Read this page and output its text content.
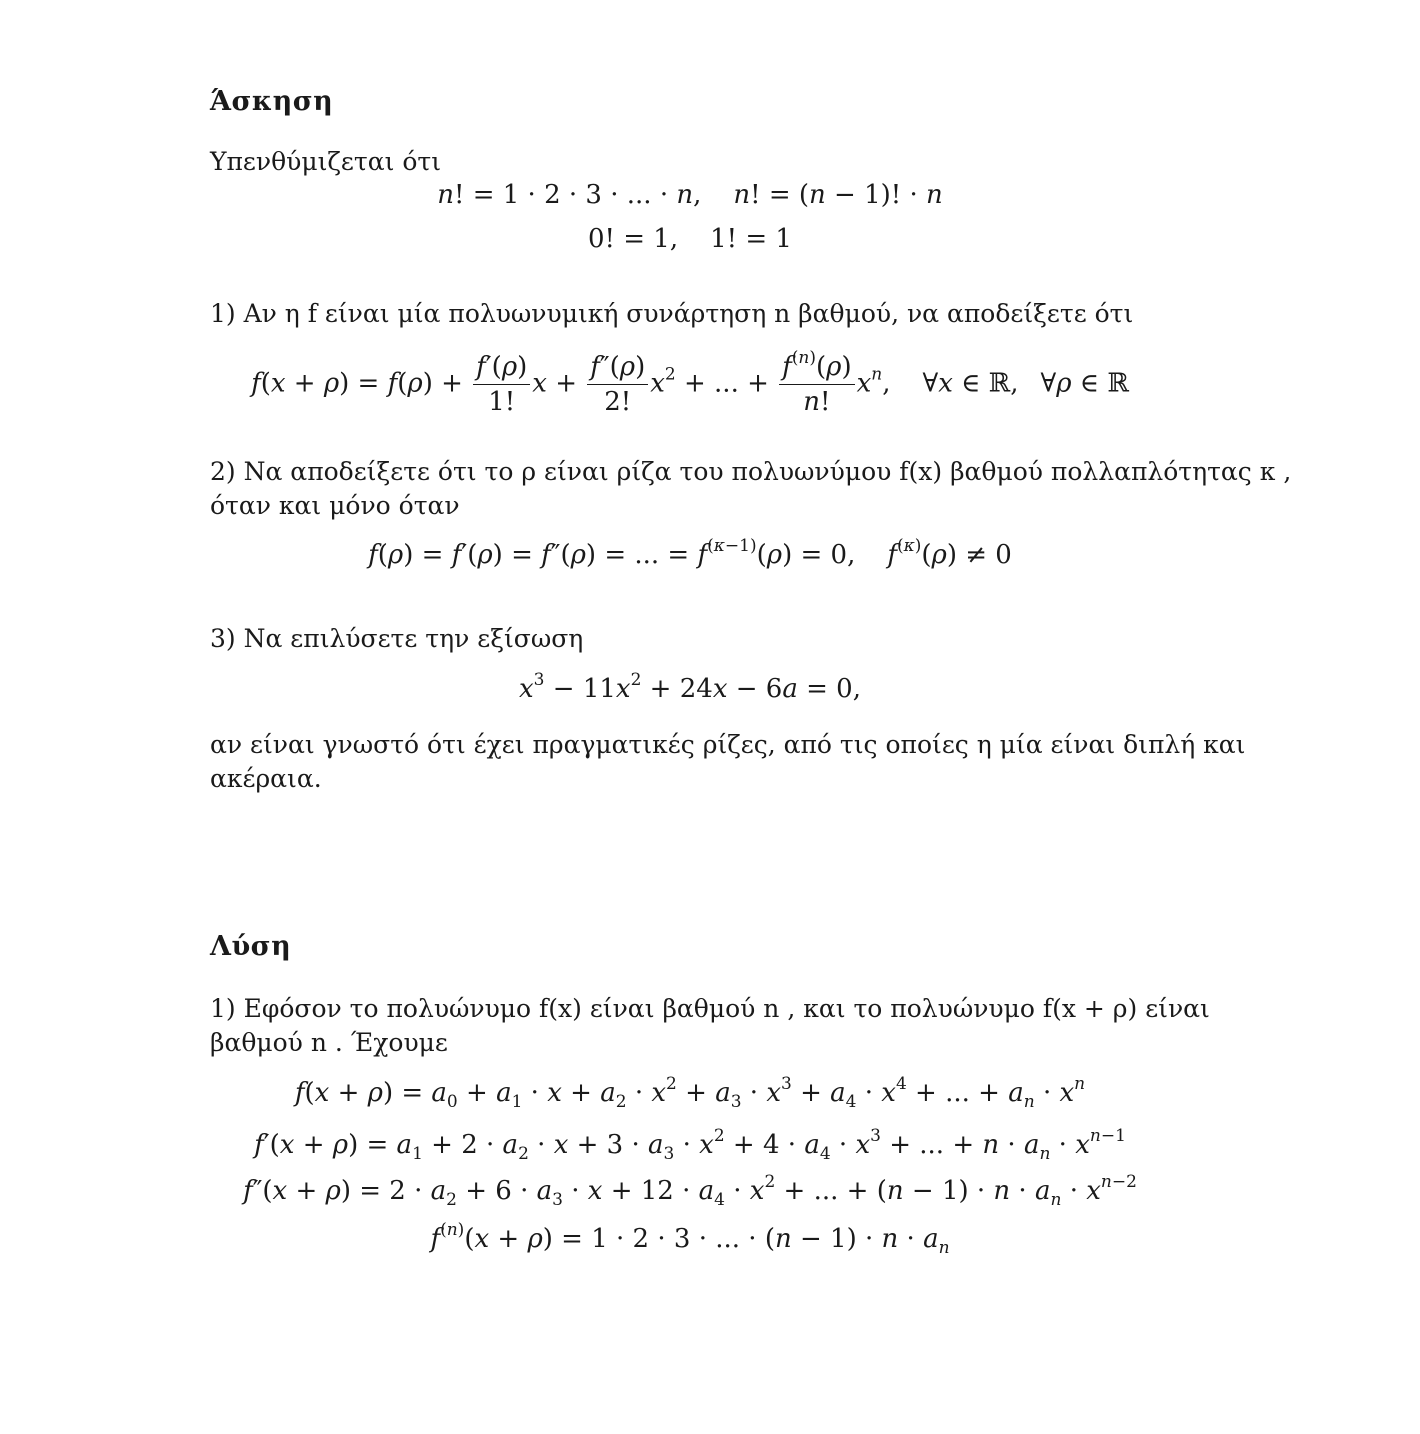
Άσκηση
Υπενθύμιζεται ότι
n! = 1 · 2 · 3 · ... · n, n! = (n − 1)! · n
0! = 1, 1! = 1
1) Αν η f είναι μία πολυωνυμική συνάρτηση n βαθμού, να αποδείξετε ότι
$f(x + \rho) = f(\rho) + \frac{f'(\rho)}{1!}$ $x + \frac{f''(\rho)}{2!} x^2$ + ... + $\frac{f^{(n)}(\rho)}{n!} x^n$, ∀x ∈ ℝ, ∀ρ ∈ ℝ
2) Να αποδείξετε ότι το ρ είναι ρίζα του πολυωνύμου f(x) βαθμού πολλαπλότητας κ ,
όταν και μόνο όταν
f(ρ) = f′(ρ) = f″(ρ) = ... = $f^{(\kappa-1)}(\rho) = 0$, $f^{(\kappa)}(\rho) \ne 0$
3) Να επιλύσετε την εξίσωση
$x^3 - 11x^2 + 24x - 6a = 0$,
αν είναι γνωστό ότι έχει πραγματικές ρίζες, από τις οποίες η μία είναι διπλή και
ακέραια.
Λύση
1) Εφόσον το πολυώνυμο f(x) είναι βαθμού n , και το πολυώνυμο f(x + ρ) είναι
βαθμού n . Έχουμε
$f(x + \rho) = a_0 + a_1 \cdot x + a_2 \cdot x^2 + a_3 \cdot x^3 + a_4 \cdot x^4$ + ... + $a_n \cdot x^n$
$f'(x + \rho) = a_1 + 2 \cdot a_2 \cdot x + 3 \cdot a_3 \cdot x^2 + 4 \cdot a_4 \cdot x^3$ + ... + $n \cdot a_n \cdot x^{n-1}$
$f''(x + \rho) = 2 \cdot a_2 + 6 \cdot a_3 \cdot x + 12 \cdot a_4 \cdot x^2$ + ... + $(n - 1) \cdot n \cdot a_n \cdot x^{n-2}$
$f^{(n)}(x + \rho) = 1 \cdot 2 \cdot 3$ · ... · $(n - 1) \cdot n \cdot a_n$
